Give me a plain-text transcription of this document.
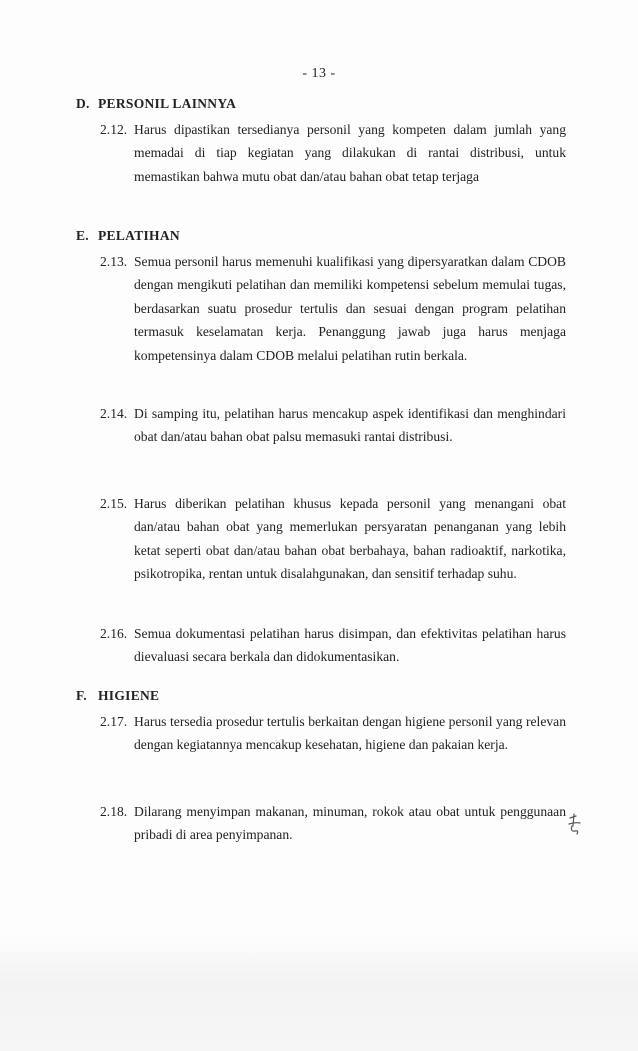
- 13 -
D. PERSONIL LAINNYA
2.12. Harus dipastikan tersedianya personil yang kompeten dalam jumlah yang memadai di tiap kegiatan yang dilakukan di rantai distribusi, untuk memastikan bahwa mutu obat dan/atau bahan obat tetap terjaga
E. PELATIHAN
2.13. Semua personil harus memenuhi kualifikasi yang dipersyaratkan dalam CDOB dengan mengikuti pelatihan dan memiliki kompetensi sebelum memulai tugas, berdasarkan suatu prosedur tertulis dan sesuai dengan program pelatihan termasuk keselamatan kerja. Penanggung jawab juga harus menjaga kompetensinya dalam CDOB melalui pelatihan rutin berkala.
2.14. Di samping itu, pelatihan harus mencakup aspek identifikasi dan menghindari obat dan/atau bahan obat palsu memasuki rantai distribusi.
2.15. Harus diberikan pelatihan khusus kepada personil yang menangani obat dan/atau bahan obat yang memerlukan persyaratan penanganan yang lebih ketat seperti obat dan/atau bahan obat berbahaya, bahan radioaktif, narkotika, psikotropika, rentan untuk disalahgunakan, dan sensitif terhadap suhu.
2.16. Semua dokumentasi pelatihan harus disimpan, dan efektivitas pelatihan harus dievaluasi secara berkala dan didokumentasikan.
F. HIGIENE
2.17. Harus tersedia prosedur tertulis berkaitan dengan higiene personil yang relevan dengan kegiatannya mencakup kesehatan, higiene dan pakaian kerja.
2.18. Dilarang menyimpan makanan, minuman, rokok atau obat untuk penggunaan pribadi di area penyimpanan.
